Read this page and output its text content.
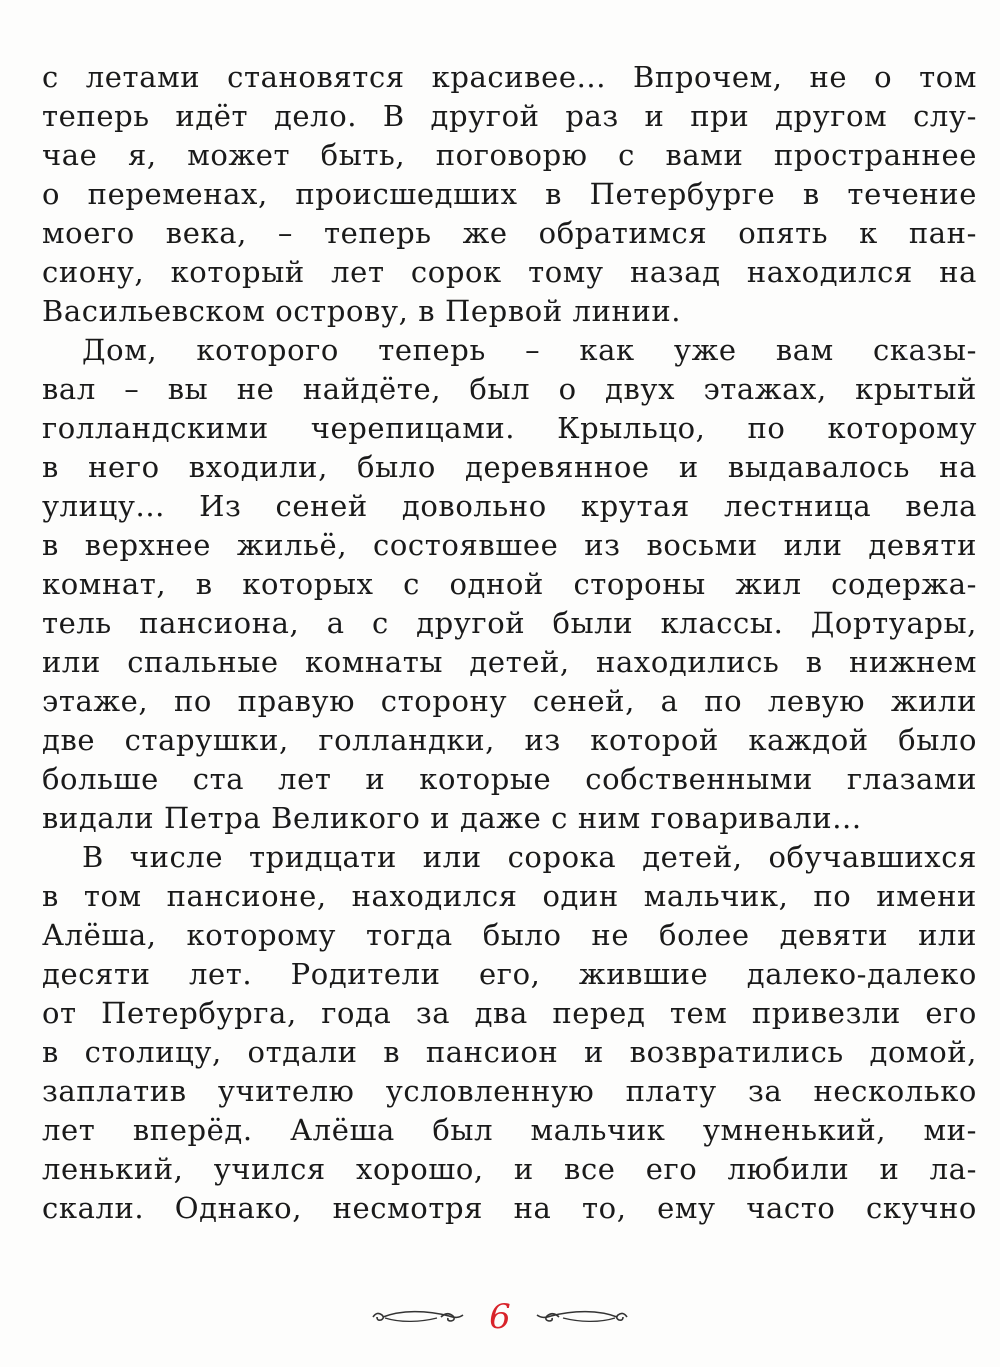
с летами становятся красивее... Впрочем, не о том
теперь идёт дело. В другой раз и при другом слу-
чае я, может быть, поговорю с вами пространнее
о переменах, происшедших в Петербурге в течение
моего века, – теперь же обратимся опять к пан-
сиону, который лет сорок тому назад находился на
Васильевском острову, в Первой линии.
Дом, которого теперь – как уже вам сказы-
вал – вы не найдёте, был о двух этажах, крытый
голландскими черепицами. Крыльцо, по которому
в него входили, было деревянное и выдавалось на
улицу... Из сеней довольно крутая лестница вела
в верхнее жильё, состоявшее из восьми или девяти
комнат, в которых с одной стороны жил содержа-
тель пансиона, а с другой были классы. Дортуары,
или спальные комнаты детей, находились в нижнем
этаже, по правую сторону сеней, а по левую жили
две старушки, голландки, из которой каждой было
больше ста лет и которые собственными глазами
видали Петра Великого и даже с ним говаривали...
В числе тридцати или сорока детей, обучавшихся
в том пансионе, находился один мальчик, по имени
Алёша, которому тогда было не более девяти или
десяти лет. Родители его, жившие далеко-далеко
от Петербурга, года за два перед тем привезли его
в столицу, отдали в пансион и возвратились домой,
заплатив учителю условленную плату за несколько
лет вперёд. Алёша был мальчик умненький, ми-
ленький, учился хорошо, и все его любили и ла-
скали. Однако, несмотря на то, ему часто скучно
6
